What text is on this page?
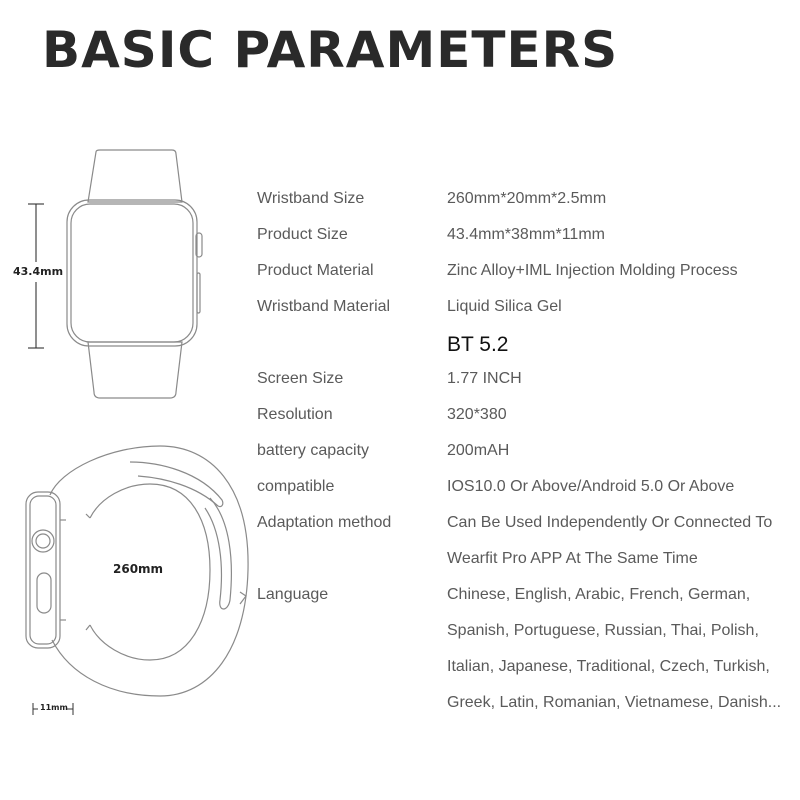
BASIC PARAMETERS
43.4mm
260mm
11mm
Wristband Size	260mm*20mm*2.5mm
Product Size	43.4mm*38mm*11mm
Product Material	Zinc Alloy+IML Injection Molding Process
Wristband Material	Liquid Silica Gel
BT 5.2
Screen Size	1.77 INCH
Resolution	320*380
battery capacity	200mAH
compatible	IOS10.0 Or Above/Android 5.0 Or Above
Adaptation method	Can Be Used Independently Or Connected To
Wearfit Pro APP At The Same Time
Language	Chinese, English, Arabic, French, German,
Spanish, Portuguese, Russian, Thai, Polish,
Italian, Japanese, Traditional, Czech, Turkish,
Greek, Latin, Romanian, Vietnamese, Danish...
